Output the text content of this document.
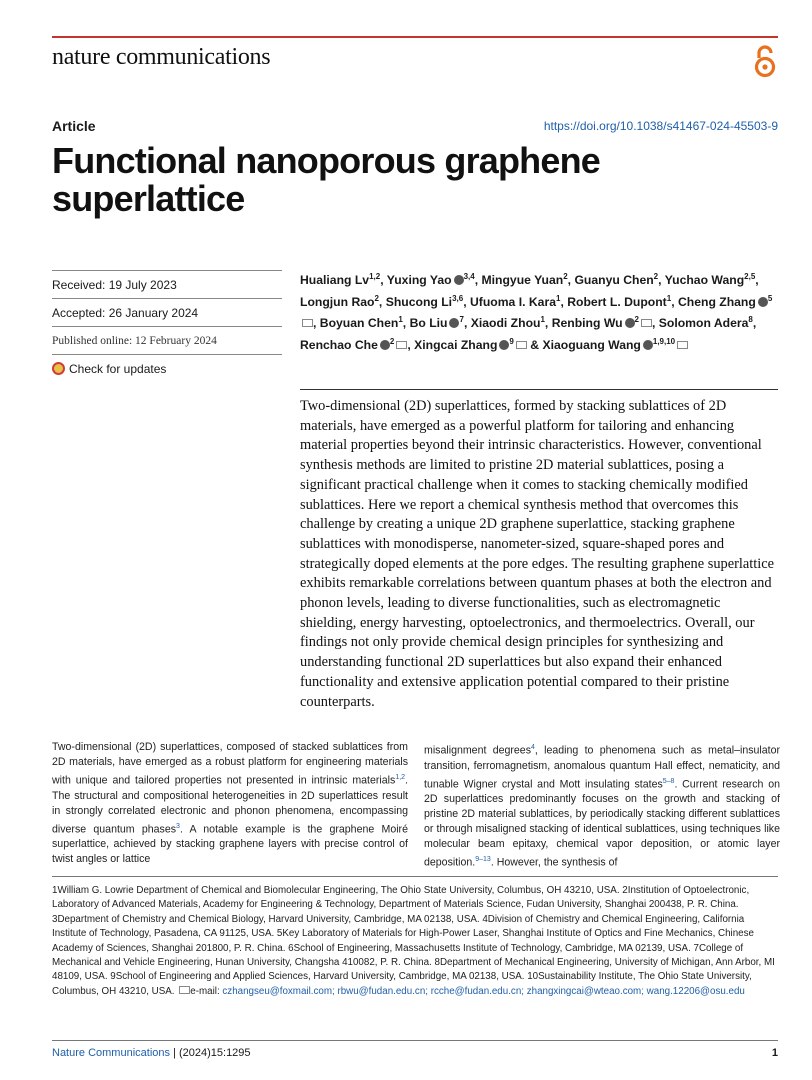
nature communications
Article	https://doi.org/10.1038/s41467-024-45503-9
Functional nanoporous graphene superlattice
Received: 19 July 2023
Accepted: 26 January 2024
Published online: 12 February 2024
Check for updates
Hualiang Lv$^{1,2}$, Yuxing Yao $^{3,4}$, Mingyue Yuan$^2$, Guanyu Chen$^2$, Yuchao Wang$^{2,5}$, Longjun Rao$^2$, Shucong Li$^{3,6}$, Ufuoma I. Kara$^1$, Robert L. Dupont$^1$, Cheng Zhang $^5$, Boyuan Chen$^1$, Bo Liu $^7$, Xiaodi Zhou$^1$, Renbing Wu $^2$ , Solomon Adera$^8$, Renchao Che $^2$ , Xingcai Zhang $^9$ & Xiaoguang Wang $^{1,9,10}$

Two-dimensional (2D) superlattices, formed by stacking sublattices of 2D materials, have emerged as a powerful platform for tailoring and enhancing material properties beyond their intrinsic characteristics. However, conventional synthesis methods are limited to pristine 2D material sublattices, posing a significant practical challenge when it comes to stacking chemically modified sublattices. Here we report a chemical synthesis method that overcomes this challenge by creating a unique 2D graphene superlattice, stacking graphene sublattices with monodisperse, nanometer-sized, square-shaped pores and strategically doped elements at the pore edges. The resulting graphene superlattice exhibits remarkable correlations between quantum phases at both the electron and phonon levels, leading to diverse functionalities, such as electromagnetic shielding, energy harvesting, optoelectronics, and thermoelectrics. Overall, our findings not only provide chemical design principles for synthesizing and understanding functional 2D superlattices but also expand their enhanced functionality and extensive application potential compared to their pristine counterparts.

Two-dimensional (2D) superlattices, composed of stacked sublattices from 2D materials, have emerged as a robust platform for engineering materials with unique and tailored properties not presented in intrinsic materials$^{1,2}$. The structural and compositional heterogeneities in 2D superlattices result in strongly correlated electronic and phonon phenomena, encompassing diverse quantum phases$^3$. A notable example is the graphene Moiré superlattice, achieved by stacking graphene layers with precise control of twist angles or lattice

misalignment degrees$^4$, leading to phenomena such as metal–insulator transition, ferromagnetism, anomalous quantum Hall effect, nematicity, and tunable Wigner crystal and Mott insulating states$^{5-8}$. Current research on 2D superlattices predominantly focuses on the growth and stacking of pristine 2D material sublattices, by periodically stacking different sublattices or through misaligned stacking of identical sublattices, using techniques like molecular beam epitaxy, chemical vapor deposition, or atomic layer deposition.$^{9-13}$. However, the synthesis of

1William G. Lowrie Department of Chemical and Biomolecular Engineering, The Ohio State University, Columbus, OH 43210, USA. 2Institution of Optoelectronic, Laboratory of Advanced Materials, Academy for Engineering & Technology, Department of Materials Science, Fudan University, Shanghai 200438, P. R. China. 3Department of Chemistry and Chemical Biology, Harvard University, Cambridge, MA 02138, USA. 4Division of Chemistry and Chemical Engineering, California Institute of Technology, Pasadena, CA 91125, USA. 5Key Laboratory of Materials for High-Power Laser, Shanghai Institute of Optics and Fine Mechanics, Chinese Academy of Sciences, Shanghai 201800, P. R. China. 6School of Engineering, Massachusetts Institute of Technology, Cambridge, MA 02139, USA. 7College of Mechanical and Vehicle Engineering, Hunan University, Changsha 410082, P. R. China. 8Department of Mechanical Engineering, University of Michigan, Ann Arbor, MI 48109, USA. 9School of Engineering and Applied Sciences, Harvard University, Cambridge, MA 02138, USA. 10Sustainability Institute, The Ohio State University, Columbus, OH 43210, USA. e-mail: czhangseu@foxmail.com; rbwu@fudan.edu.cn; rcche@fudan.edu.cn; zhangxingcai@wteao.com; wang.12206@osu.edu

Nature Communications | (2024)15:1295	1
